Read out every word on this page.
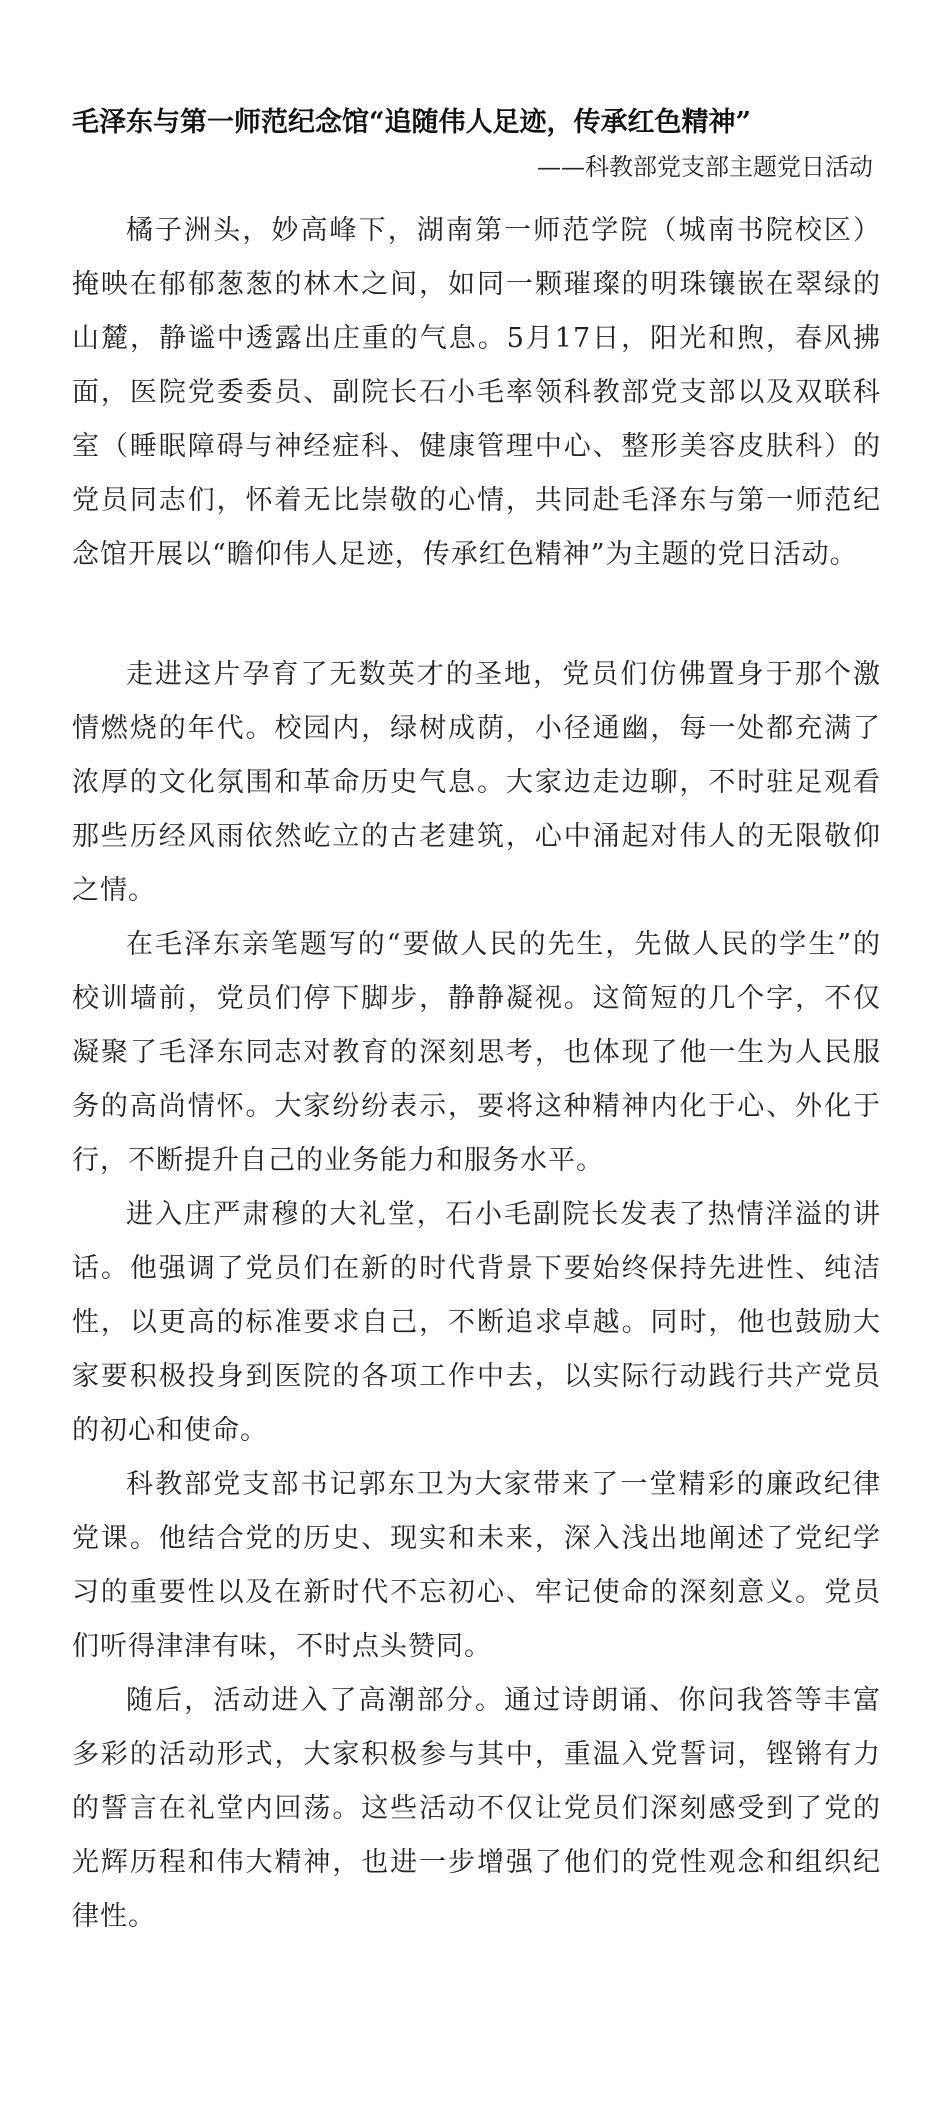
毛泽东与第一师范纪念馆“追随伟人足迹，传承红色精神”
——科教部党支部主题党日活动

橘子洲头，妙高峰下，湖南第一师范学院（城南书院校区）掩映在郁郁葱葱的林木之间，如同一颗璀璨的明珠镶嵌在翠绿的山麓，静谧中透露出庄重的气息。5月17日，阳光和煦，春风拂面，医院党委委员、副院长石小毛率领科教部党支部以及双联科室（睡眠障碍与神经症科、健康管理中心、整形美容皮肤科）的党员同志们，怀着无比崇敬的心情，共同赴毛泽东与第一师范纪念馆开展以“瞻仰伟人足迹，传承红色精神”为主题的党日活动。

走进这片孕育了无数英才的圣地，党员们仿佛置身于那个激情燃烧的年代。校园内，绿树成荫，小径通幽，每一处都充满了浓厚的文化氛围和革命历史气息。大家边走边聊，不时驻足观看那些历经风雨依然屹立的古老建筑，心中涌起对伟人的无限敬仰之情。

在毛泽东亲笔题写的“要做人民的先生，先做人民的学生”的校训墙前，党员们停下脚步，静静凝视。这简短的几个字，不仅凝聚了毛泽东同志对教育的深刻思考，也体现了他一生为人民服务的高尚情怀。大家纷纷表示，要将这种精神内化于心、外化于行，不断提升自己的业务能力和服务水平。

进入庄严肃穆的大礼堂，石小毛副院长发表了热情洋溢的讲话。他强调了党员们在新的时代背景下要始终保持先进性、纯洁性，以更高的标准要求自己，不断追求卓越。同时，他也鼓励大家要积极投身到医院的各项工作中去，以实际行动践行共产党员的初心和使命。

科教部党支部书记郭东卫为大家带来了一堂精彩的廉政纪律党课。他结合党的历史、现实和未来，深入浅出地阐述了党纪学习的重要性以及在新时代不忘初心、牢记使命的深刻意义。党员们听得津津有味，不时点头赞同。

随后，活动进入了高潮部分。通过诗朗诵、你问我答等丰富多彩的活动形式，大家积极参与其中，重温入党誓词，铿锵有力的誓言在礼堂内回荡。这些活动不仅让党员们深刻感受到了党的光辉历程和伟大精神，也进一步增强了他们的党性观念和组织纪律性。
